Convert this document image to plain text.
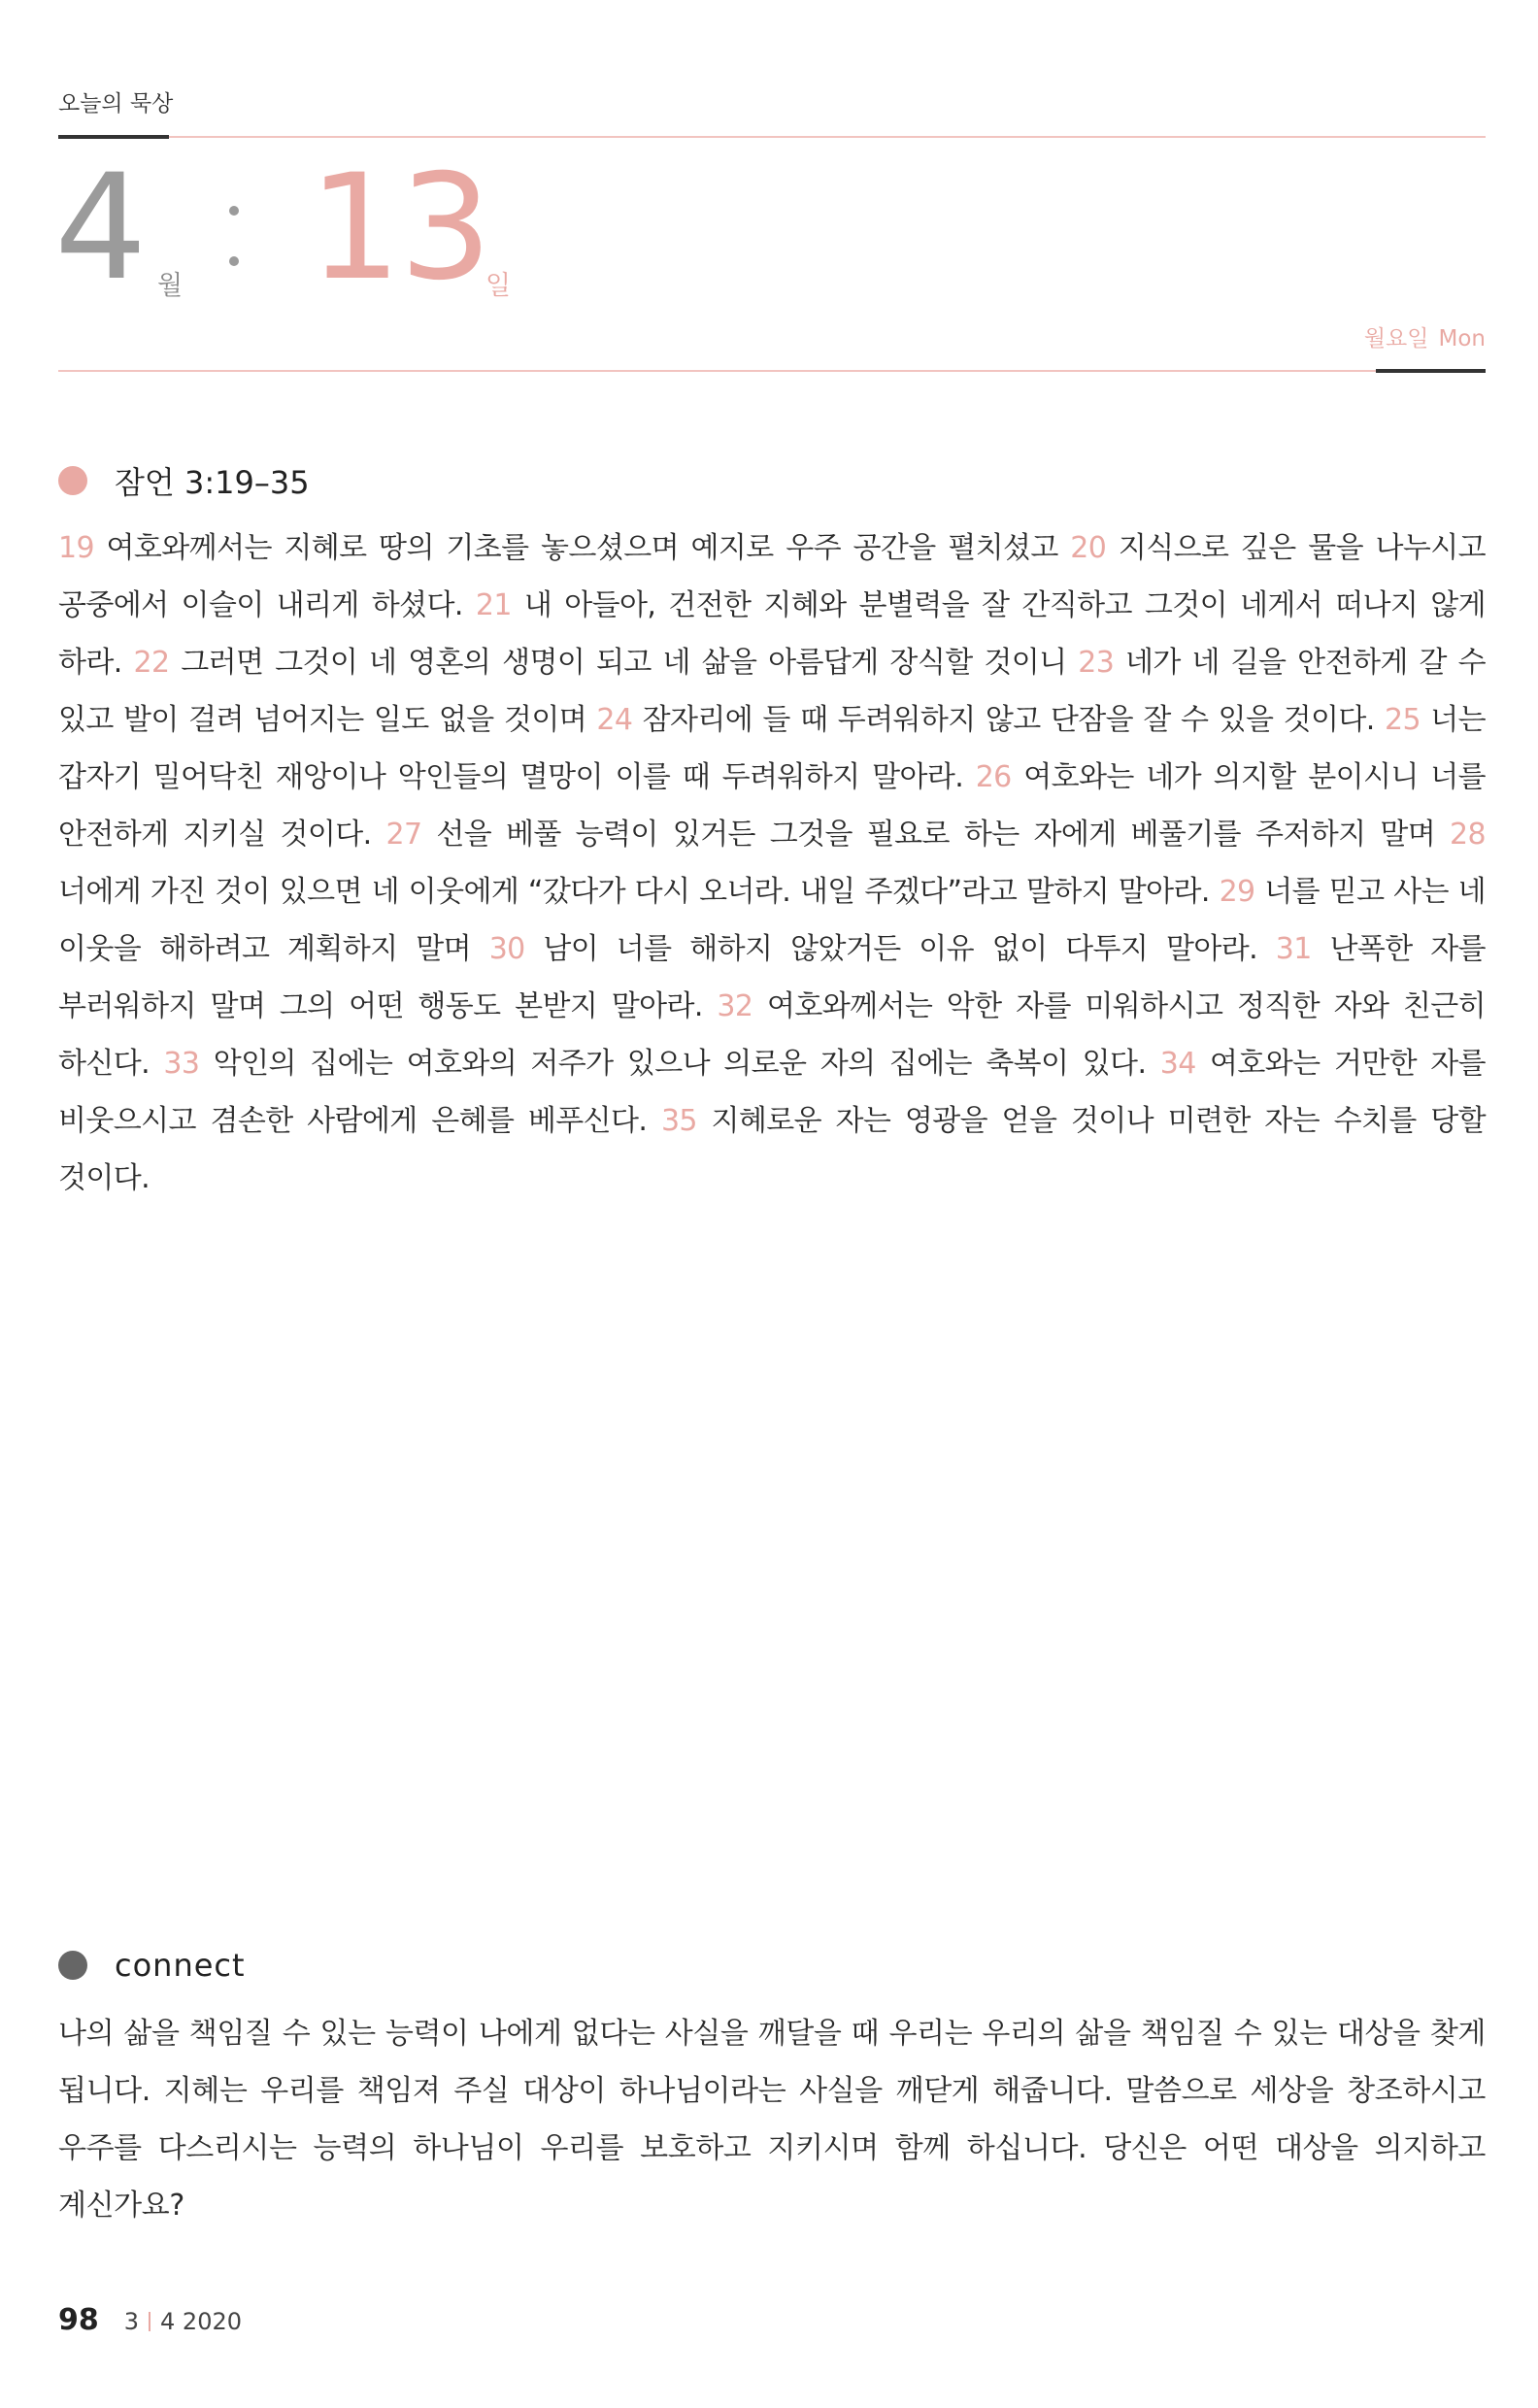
오늘의 묵상
4 월 13
일
월요일 Mon
잠언 3:19–35
19 여호와께서는 지혜로 땅의 기초를 놓으셨으며 예지로 우주 공간을 펼치셨고 20 지식으로 깊은 물을 나누시고 공중에서 이슬이 내리게 하셨다. 21 내 아들아, 건전한 지혜와 분별력을 잘 간직하고 그것이 네게서 떠나지 않게 하라. 22 그러면 그것이 네 영혼의 생명이 되고 네 삶을 아름답게 장식할 것이니 23 네가 네 길을 안전하게 갈 수 있고 발이 걸려 넘어지는 일도 없을 것이며 24 잠자리에 들 때 두려워하지 않고 단잠을 잘 수 있을 것이다. 25 너는 갑자기 밀어닥친 재앙이나 악인들의 멸망이 이를 때 두려워하지 말아라. 26 여호와는 네가 의지할 분이시니 너를 안전하게 지키실 것이다. 27 선을 베풀 능력이 있거든 그것을 필요로 하는 자에게 베풀기를 주저하지 말며 28 너에게 가진 것이 있으면 네 이웃에게 “갔다가 다시 오너라. 내일 주겠다”라고 말하지 말아라. 29 너를 믿고 사는 네 이웃을 해하려고 계획하지 말며 30 남이 너를 해하지 않았거든 이유 없이 다투지 말아라. 31 난폭한 자를 부러워하지 말며 그의 어떤 행동도 본받지 말아라. 32 여호와께서는 악한 자를 미워하시고 정직한 자와 친근히 하신다. 33 악인의 집에는 여호와의 저주가 있으나 의로운 자의 집에는 축복이 있다. 34 여호와는 거만한 자를 비웃으시고 겸손한 사람에게 은혜를 베푸신다. 35 지혜로운 자는 영광을 얻을 것이나 미련한 자는 수치를 당할 것이다.
connect
나의 삶을 책임질 수 있는 능력이 나에게 없다는 사실을 깨달을 때 우리는 우리의 삶을 책임질 수 있는 대상을 찾게 됩니다. 지혜는 우리를 책임져 주실 대상이 하나님이라는 사실을 깨닫게 해줍니다. 말씀으로 세상을 창조하시고 우주를 다스리시는 능력의 하나님이 우리를 보호하고 지키시며 함께 하십니다. 당신은 어떤 대상을 의지하고 계신가요?
98 3 4 2020
